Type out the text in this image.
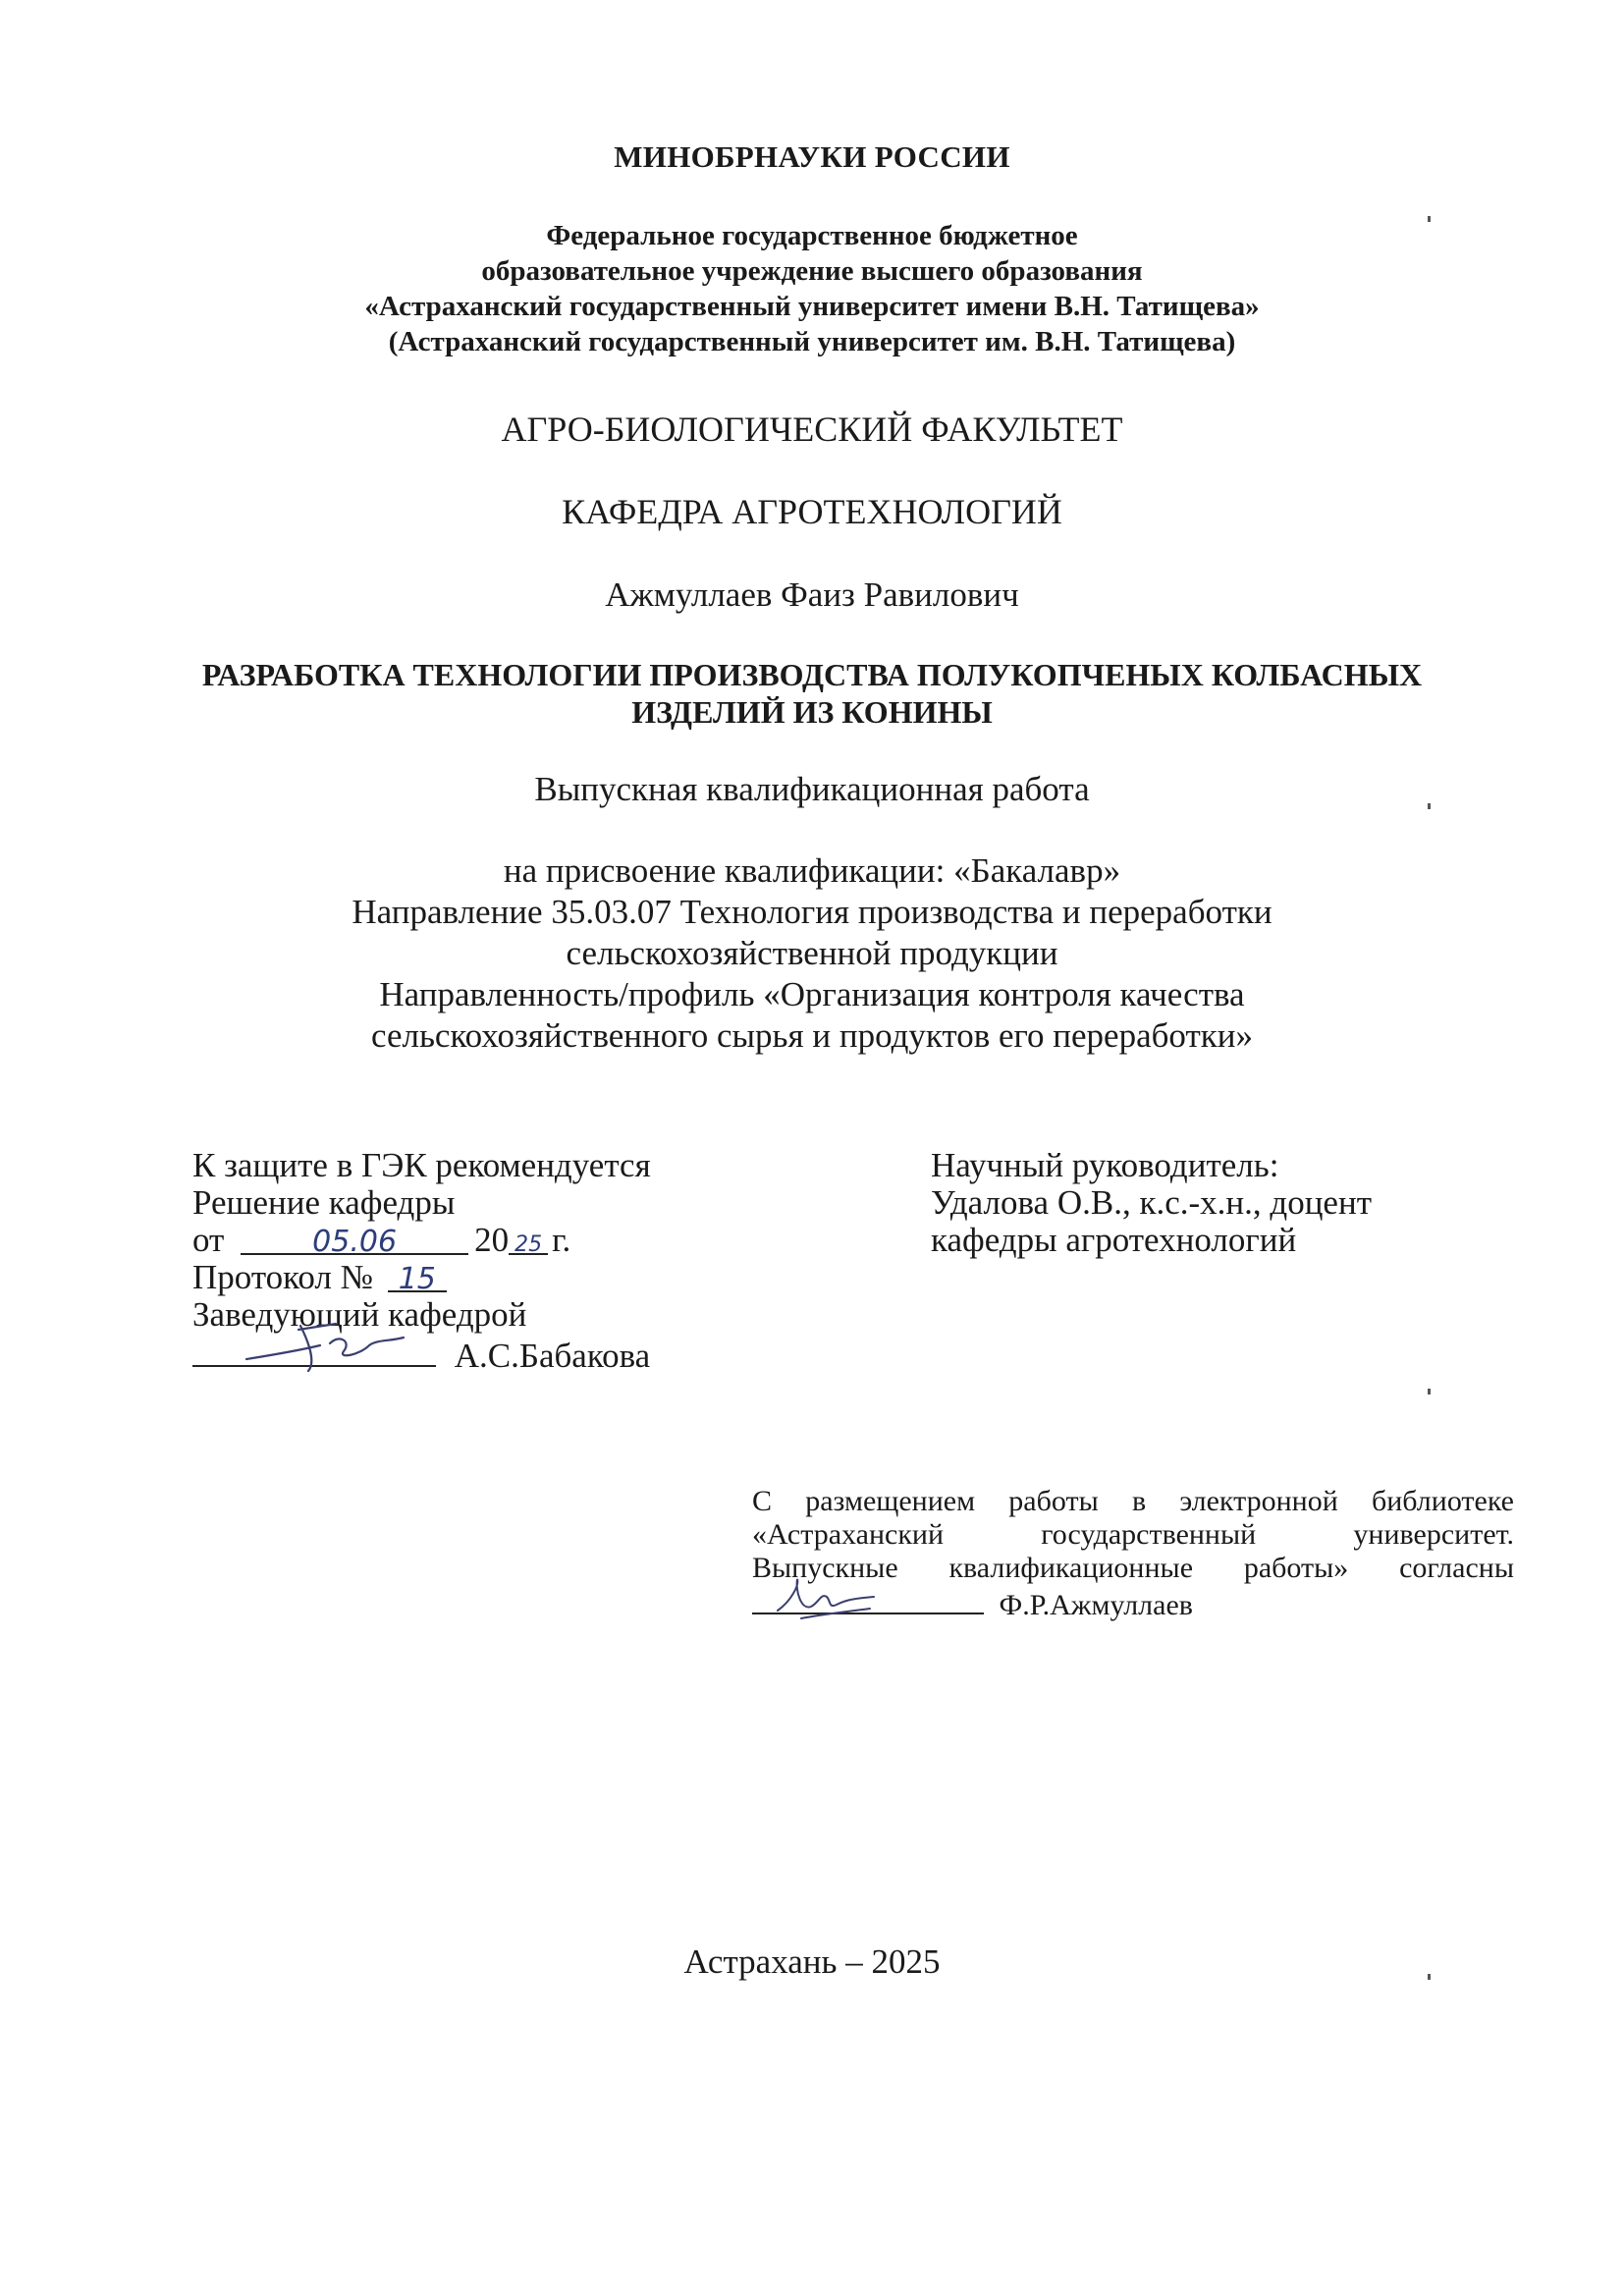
МИНОБРНАУКИ РОССИИ

Федеральное государственное бюджетное
образовательное учреждение высшего образования
«Астраханский государственный университет имени В.Н. Татищева»
(Астраханский государственный университет им. В.Н. Татищева)

АГРО-БИОЛОГИЧЕСКИЙ ФАКУЛЬТЕТ

КАФЕДРА АГРОТЕХНОЛОГИЙ

Ажмуллаев Фаиз Равилович

РАЗРАБОТКА ТЕХНОЛОГИИ ПРОИЗВОДСТВА ПОЛУКОПЧЕНЫХ КОЛБАСНЫХ
ИЗДЕЛИЙ ИЗ КОНИНЫ

Выпускная квалификационная работа

на присвоение квалификации: «Бакалавр»
Направление 35.03.07 Технология производства и переработки
сельскохозяйственной продукции
Направленность/профиль «Организация контроля качества
сельскохозяйственного сырья и продуктов его переработки»
К защите в ГЭК рекомендуется
Решение кафедры
от	05.06 20 25 г.
Протокол № 15
Заведующий кафедрой
А.С.Бабакова
Научный руководитель:
Удалова О.В., к.с.-х.н., доцент
кафедры агротехнологий
С размещением работы в электронной библиотеке
«Астраханский государственный университет.
Выпускные квалификационные работы» согласны
Ф.Р.Ажмуллаев

Астрахань – 2025
